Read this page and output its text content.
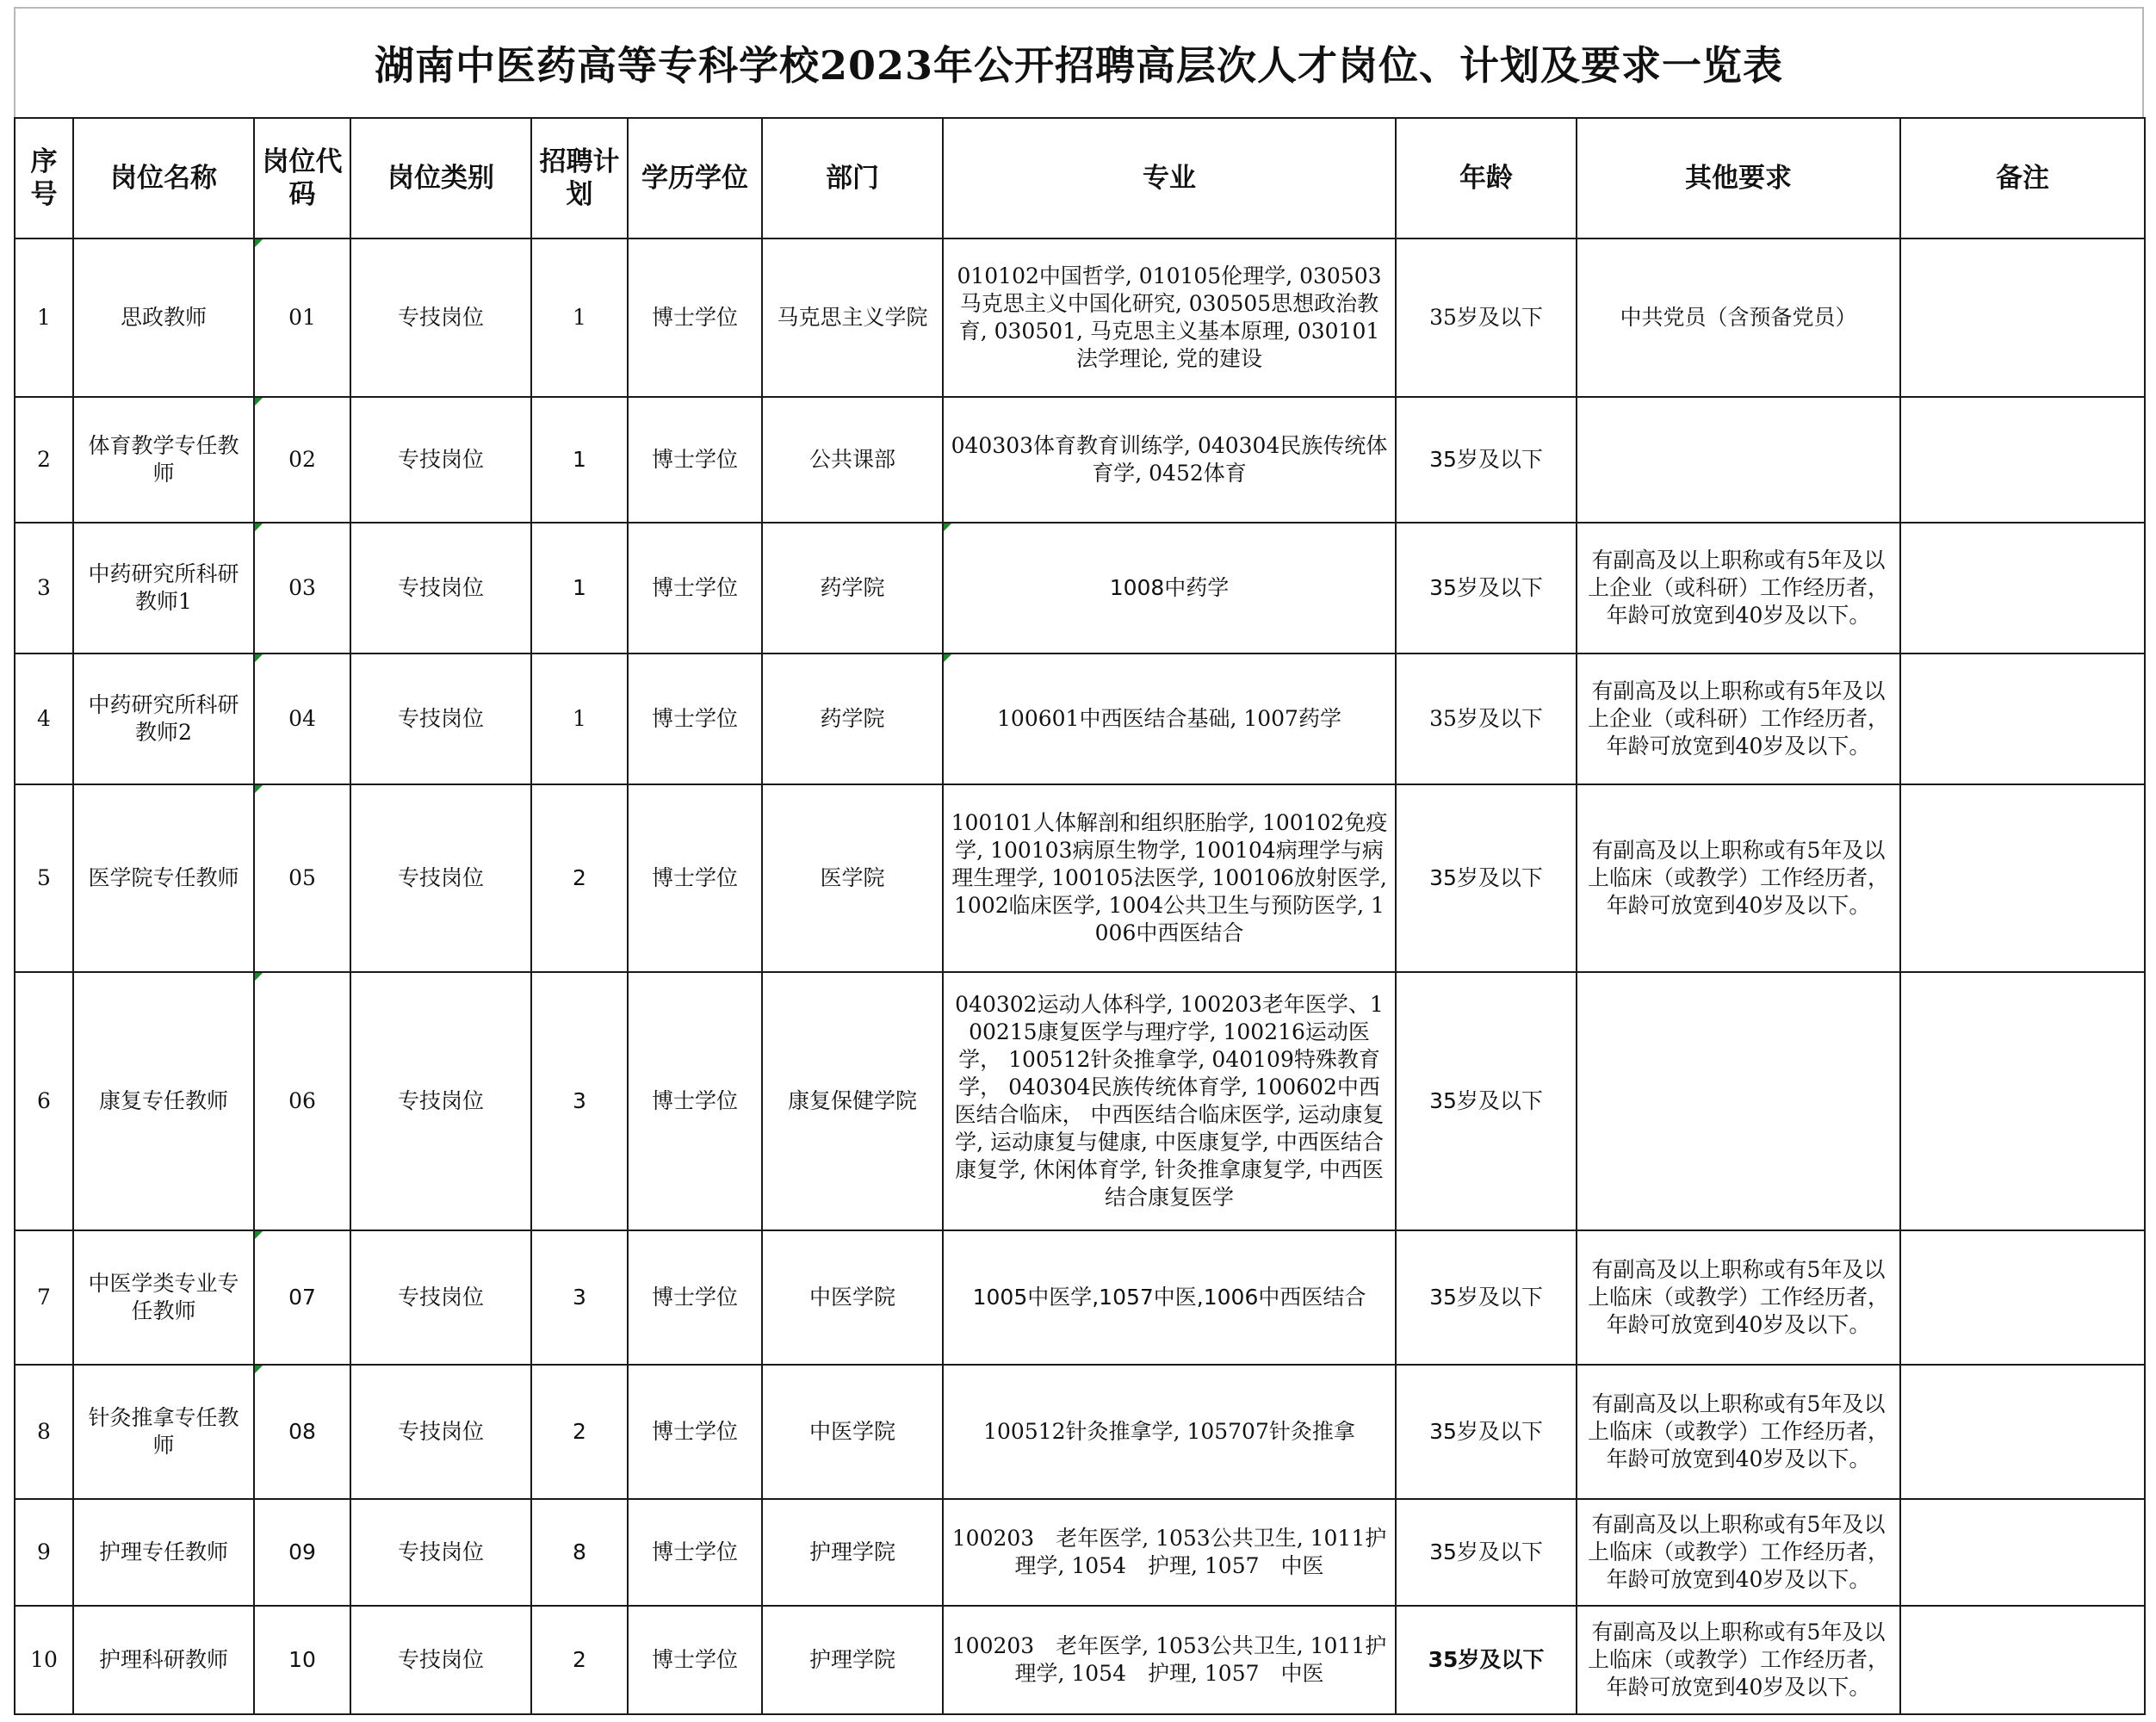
湖南中医药高等专科学校2023年公开招聘高层次人才岗位、计划及要求一览表
序号	岗位名称	岗位代码	岗位类别	招聘计划	学历学位	部门	专业	年龄	其他要求	备注
1	思政教师	01	专技岗位	1	博士学位	马克思主义学院	010102中国哲学, 010105伦理学, 030503马克思主义中国化研究, 030505思想政治教育, 030501, 马克思主义基本原理, 030101法学理论, 党的建设	35岁及以下	中共党员（含预备党员）	
2	体育教学专任教师	02	专技岗位	1	博士学位	公共课部	040303体育教育训练学, 040304民族传统体育学, 0452体育	35岁及以下		
3	中药研究所科研教师1	03	专技岗位	1	博士学位	药学院	1008中药学	35岁及以下	有副高及以上职称或有5年及以上企业（或科研）工作经历者，年龄可放宽到40岁及以下。	
4	中药研究所科研教师2	04	专技岗位	1	博士学位	药学院	100601中西医结合基础, 1007药学	35岁及以下	有副高及以上职称或有5年及以上企业（或科研）工作经历者，年龄可放宽到40岁及以下。	
5	医学院专任教师	05	专技岗位	2	博士学位	医学院	100101人体解剖和组织胚胎学, 100102免疫学, 100103病原生物学, 100104病理学与病理生理学, 100105法医学, 100106放射医学, 1002临床医学, 1004公共卫生与预防医学, 1006中西医结合	35岁及以下	有副高及以上职称或有5年及以上临床（或教学）工作经历者，年龄可放宽到40岁及以下。	
6	康复专任教师	06	专技岗位	3	博士学位	康复保健学院	040302运动人体科学, 100203老年医学、100215康复医学与理疗学, 100216运动医学， 100512针灸推拿学, 040109特殊教育学， 040304民族传统体育学, 100602中西医结合临床， 中西医结合临床医学, 运动康复学, 运动康复与健康, 中医康复学, 中西医结合康复学, 休闲体育学, 针灸推拿康复学, 中西医结合康复医学	35岁及以下		
7	中医学类专业专任教师	07	专技岗位	3	博士学位	中医学院	1005中医学,1057中医,1006中西医结合	35岁及以下	有副高及以上职称或有5年及以上临床（或教学）工作经历者，年龄可放宽到40岁及以下。	
8	针灸推拿专任教师	08	专技岗位	2	博士学位	中医学院	100512针灸推拿学, 105707针灸推拿	35岁及以下	有副高及以上职称或有5年及以上临床（或教学）工作经历者，年龄可放宽到40岁及以下。	
9	护理专任教师	09	专技岗位	8	博士学位	护理学院	100203　老年医学, 1053公共卫生, 1011护理学, 1054　护理, 1057　中医	35岁及以下	有副高及以上职称或有5年及以上临床（或教学）工作经历者，年龄可放宽到40岁及以下。	
10	护理科研教师	10	专技岗位	2	博士学位	护理学院	100203　老年医学, 1053公共卫生, 1011护理学, 1054　护理, 1057　中医	35岁及以下	有副高及以上职称或有5年及以上临床（或教学）工作经历者，年龄可放宽到40岁及以下。	
